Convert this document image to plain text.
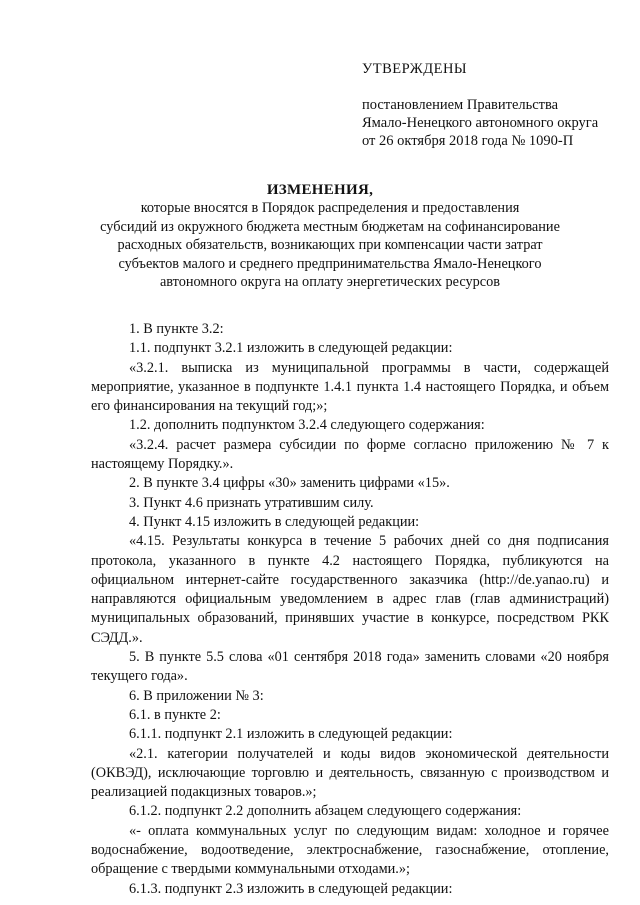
УТВЕРЖДЕНЫ
постановлением Правительства
Ямало-Ненецкого автономного округа
от 26 октября 2018 года № 1090-П
ИЗМЕНЕНИЯ,
которые вносятся в Порядок распределения и предоставления
субсидий из окружного бюджета местным бюджетам на софинансирование
расходных обязательств, возникающих при компенсации части затрат
субъектов малого и среднего предпринимательства Ямало-Ненецкого
автономного округа на оплату энергетических ресурсов

1. В пункте 3.2:

1.1. подпункт 3.2.1 изложить в следующей редакции:

«3.2.1. выписка из муниципальной программы в части, содержащей мероприятие, указанное в подпункте 1.4.1 пункта 1.4 настоящего Порядка, и объем его финансирования на текущий год;»;

1.2. дополнить подпунктом 3.2.4 следующего содержания:

«3.2.4. расчет размера субсидии по форме согласно приложению № 7 к настоящему Порядку.».

2. В пункте 3.4 цифры «30» заменить цифрами «15».

3. Пункт 4.6 признать утратившим силу.

4. Пункт 4.15 изложить в следующей редакции:

«4.15. Результаты конкурса в течение 5 рабочих дней со дня подписания протокола, указанного в пункте 4.2 настоящего Порядка, публикуются на официальном интернет-сайте государственного заказчика (http://de.yanao.ru) и направляются официальным уведомлением в адрес глав (глав администраций) муниципальных образований, принявших участие в конкурсе, посредством РКК СЭДД.».

5. В пункте 5.5 слова «01 сентября 2018 года» заменить словами «20 ноября текущего года».

6. В приложении № 3:

6.1. в пункте 2:

6.1.1. подпункт 2.1 изложить в следующей редакции:

«2.1. категории получателей и коды видов экономической деятельности (ОКВЭД), исключающие торговлю и деятельность, связанную с производством и реализацией подакцизных товаров.»;

6.1.2. подпункт 2.2 дополнить абзацем следующего содержания:

«- оплата коммунальных услуг по следующим видам: холодное и горячее водоснабжение, водоотведение, электроснабжение, газоснабжение, отопление, обращение с твердыми коммунальными отходами.»;

6.1.3. подпункт 2.3 изложить в следующей редакции:
